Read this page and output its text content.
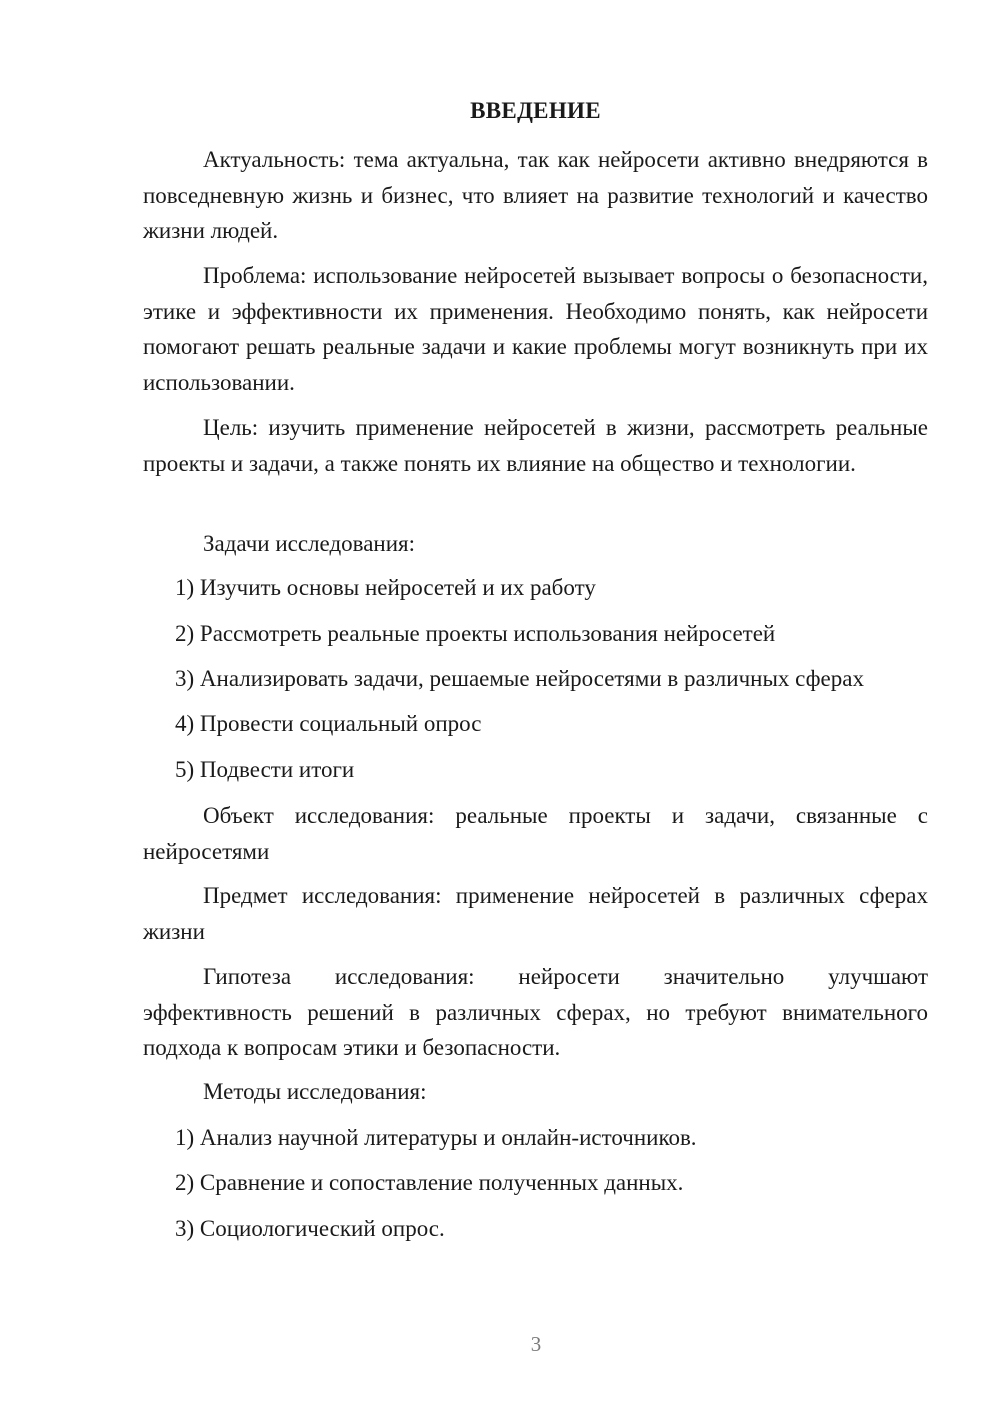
ВВЕДЕНИЕ

Актуальность: тема актуальна, так как нейросети активно внедряются в повседневную жизнь и бизнес, что влияет на развитие технологий и качество жизни людей.

Проблема: использование нейросетей вызывает вопросы о безопасности, этике и эффективности их применения. Необходимо понять, как нейросети помогают решать реальные задачи и какие проблемы могут возникнуть при их использовании.

Цель: изучить применение нейросетей в жизни, рассмотреть реальные проекты и задачи, а также понять их влияние на общество и технологии.

Задачи исследования:

1) Изучить основы нейросетей и их работу

2) Рассмотреть реальные проекты использования нейросетей

3) Анализировать задачи, решаемые нейросетями в различных сферах

4) Провести социальный опрос

5) Подвести итоги

Объект исследования: реальные проекты и задачи, связанные с нейросетями

Предмет исследования: применение нейросетей в различных сферах жизни

Гипотеза исследования: нейросети значительно улучшают эффективность решений в различных сферах, но требуют внимательного подхода к вопросам этики и безопасности.

Методы исследования:

1) Анализ научной литературы и онлайн-источников.

2) Сравнение и сопоставление полученных данных.

3) Социологический опрос.

3
